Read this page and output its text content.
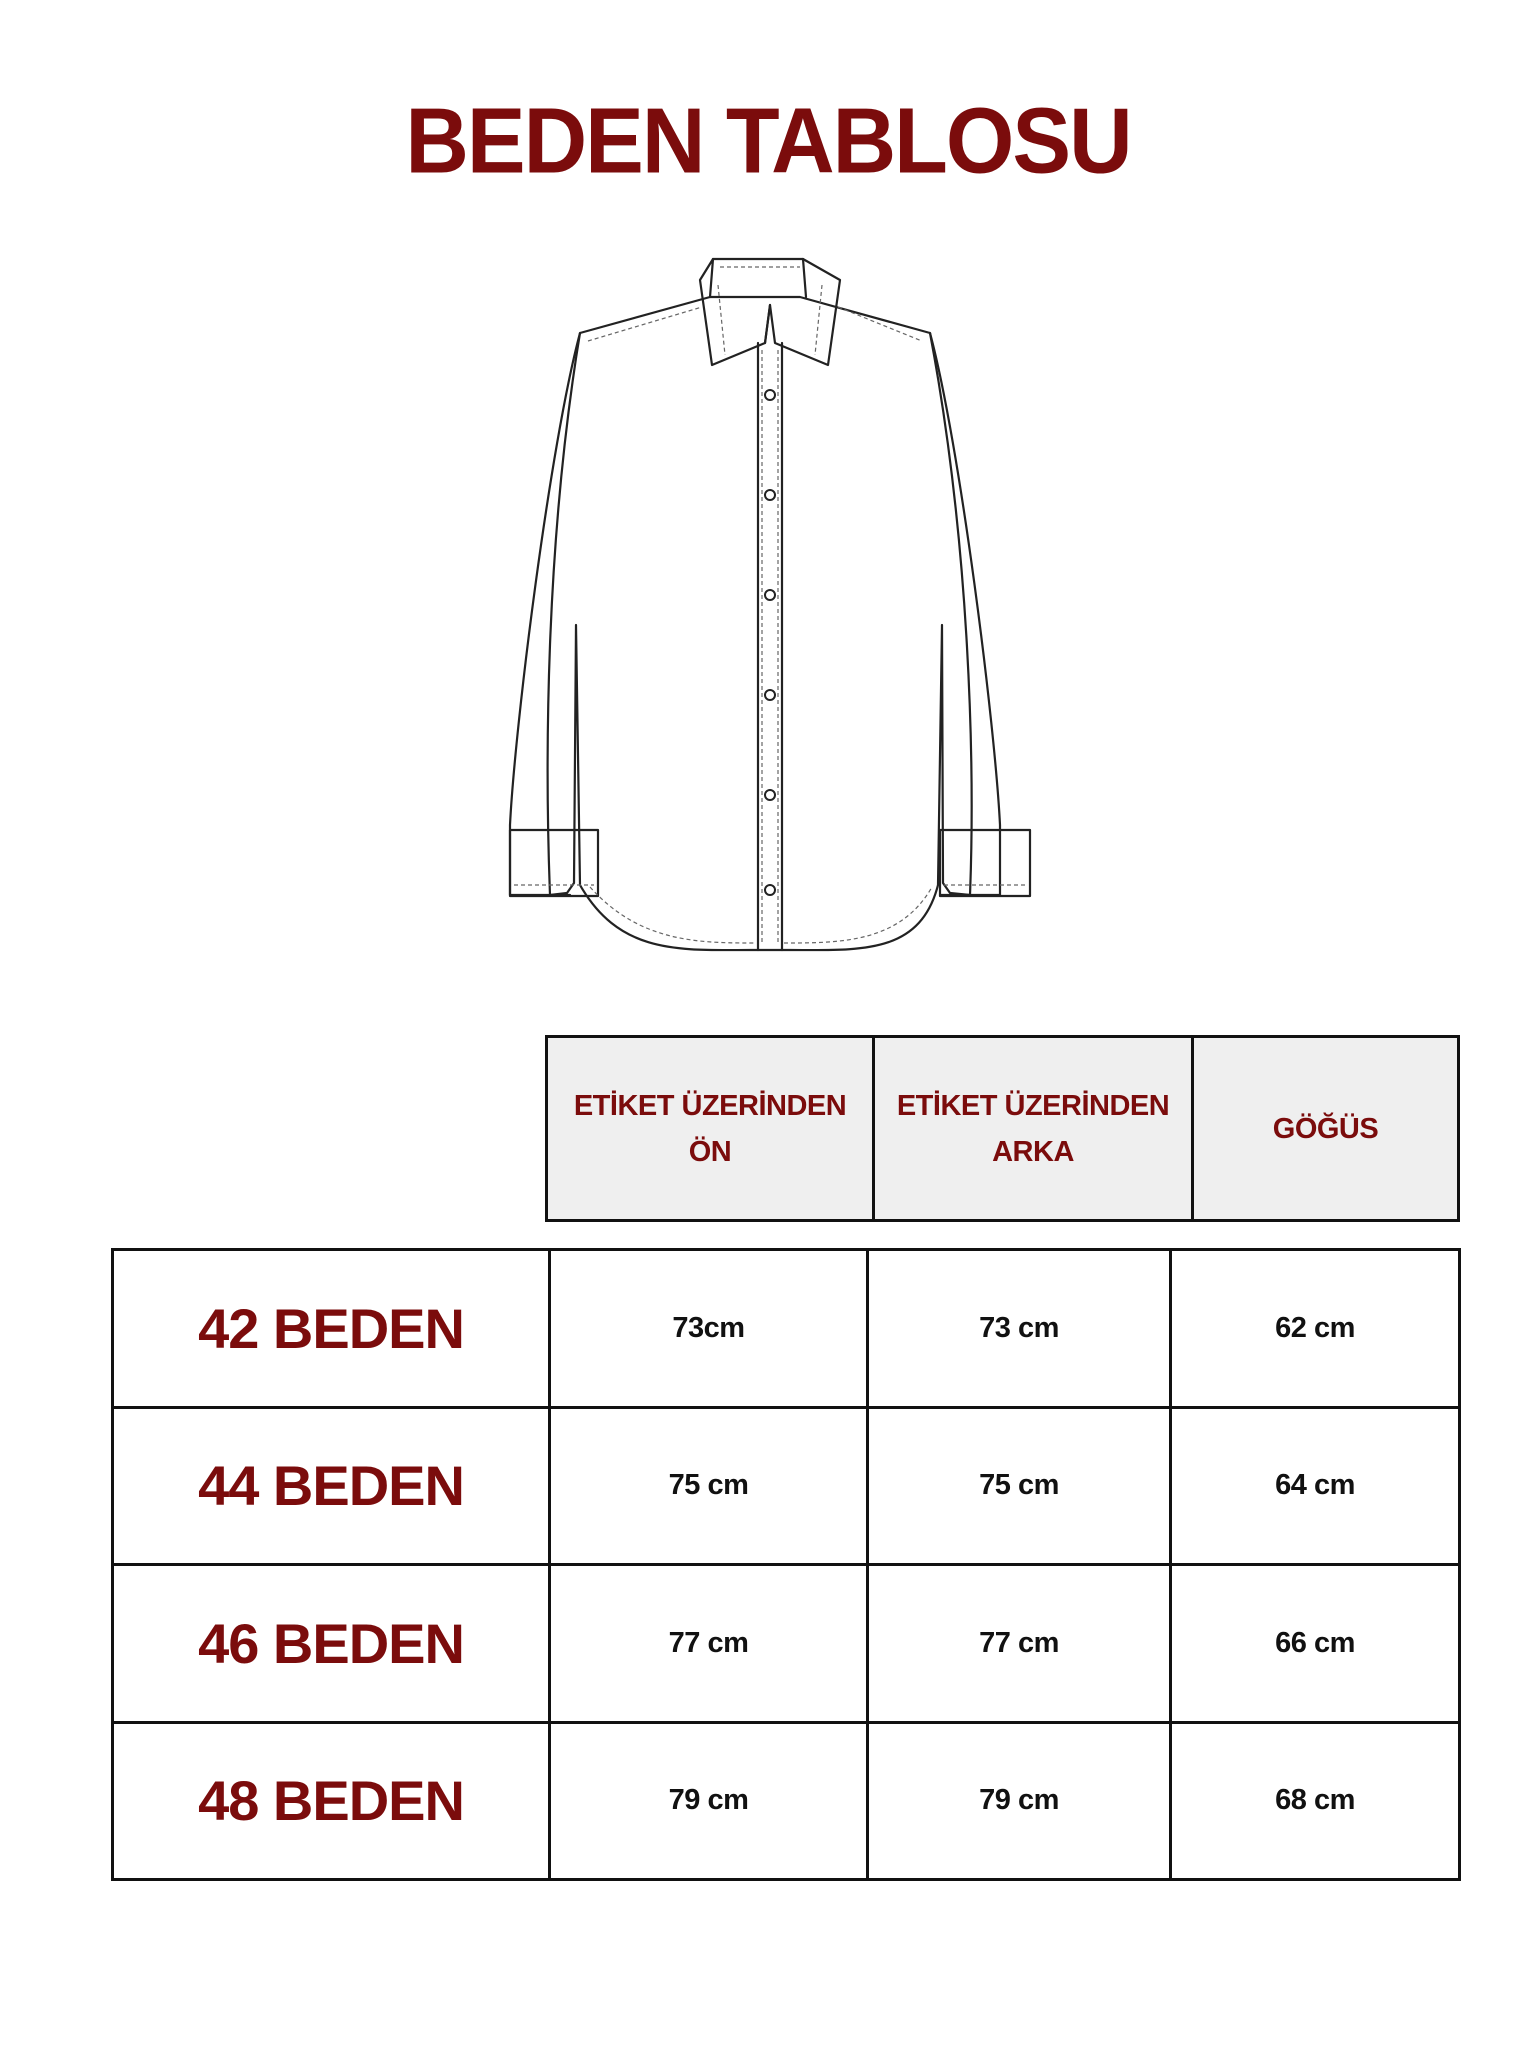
BEDEN TABLOSU
ETİKET ÜZERİNDEN ÖN	ETİKET ÜZERİNDEN ARKA	GÖĞÜS
42 BEDEN	73cm	73 cm	62 cm
44 BEDEN	75 cm	75 cm	64 cm
46 BEDEN	77 cm	77 cm	66 cm
48 BEDEN	79 cm	79 cm	68 cm
